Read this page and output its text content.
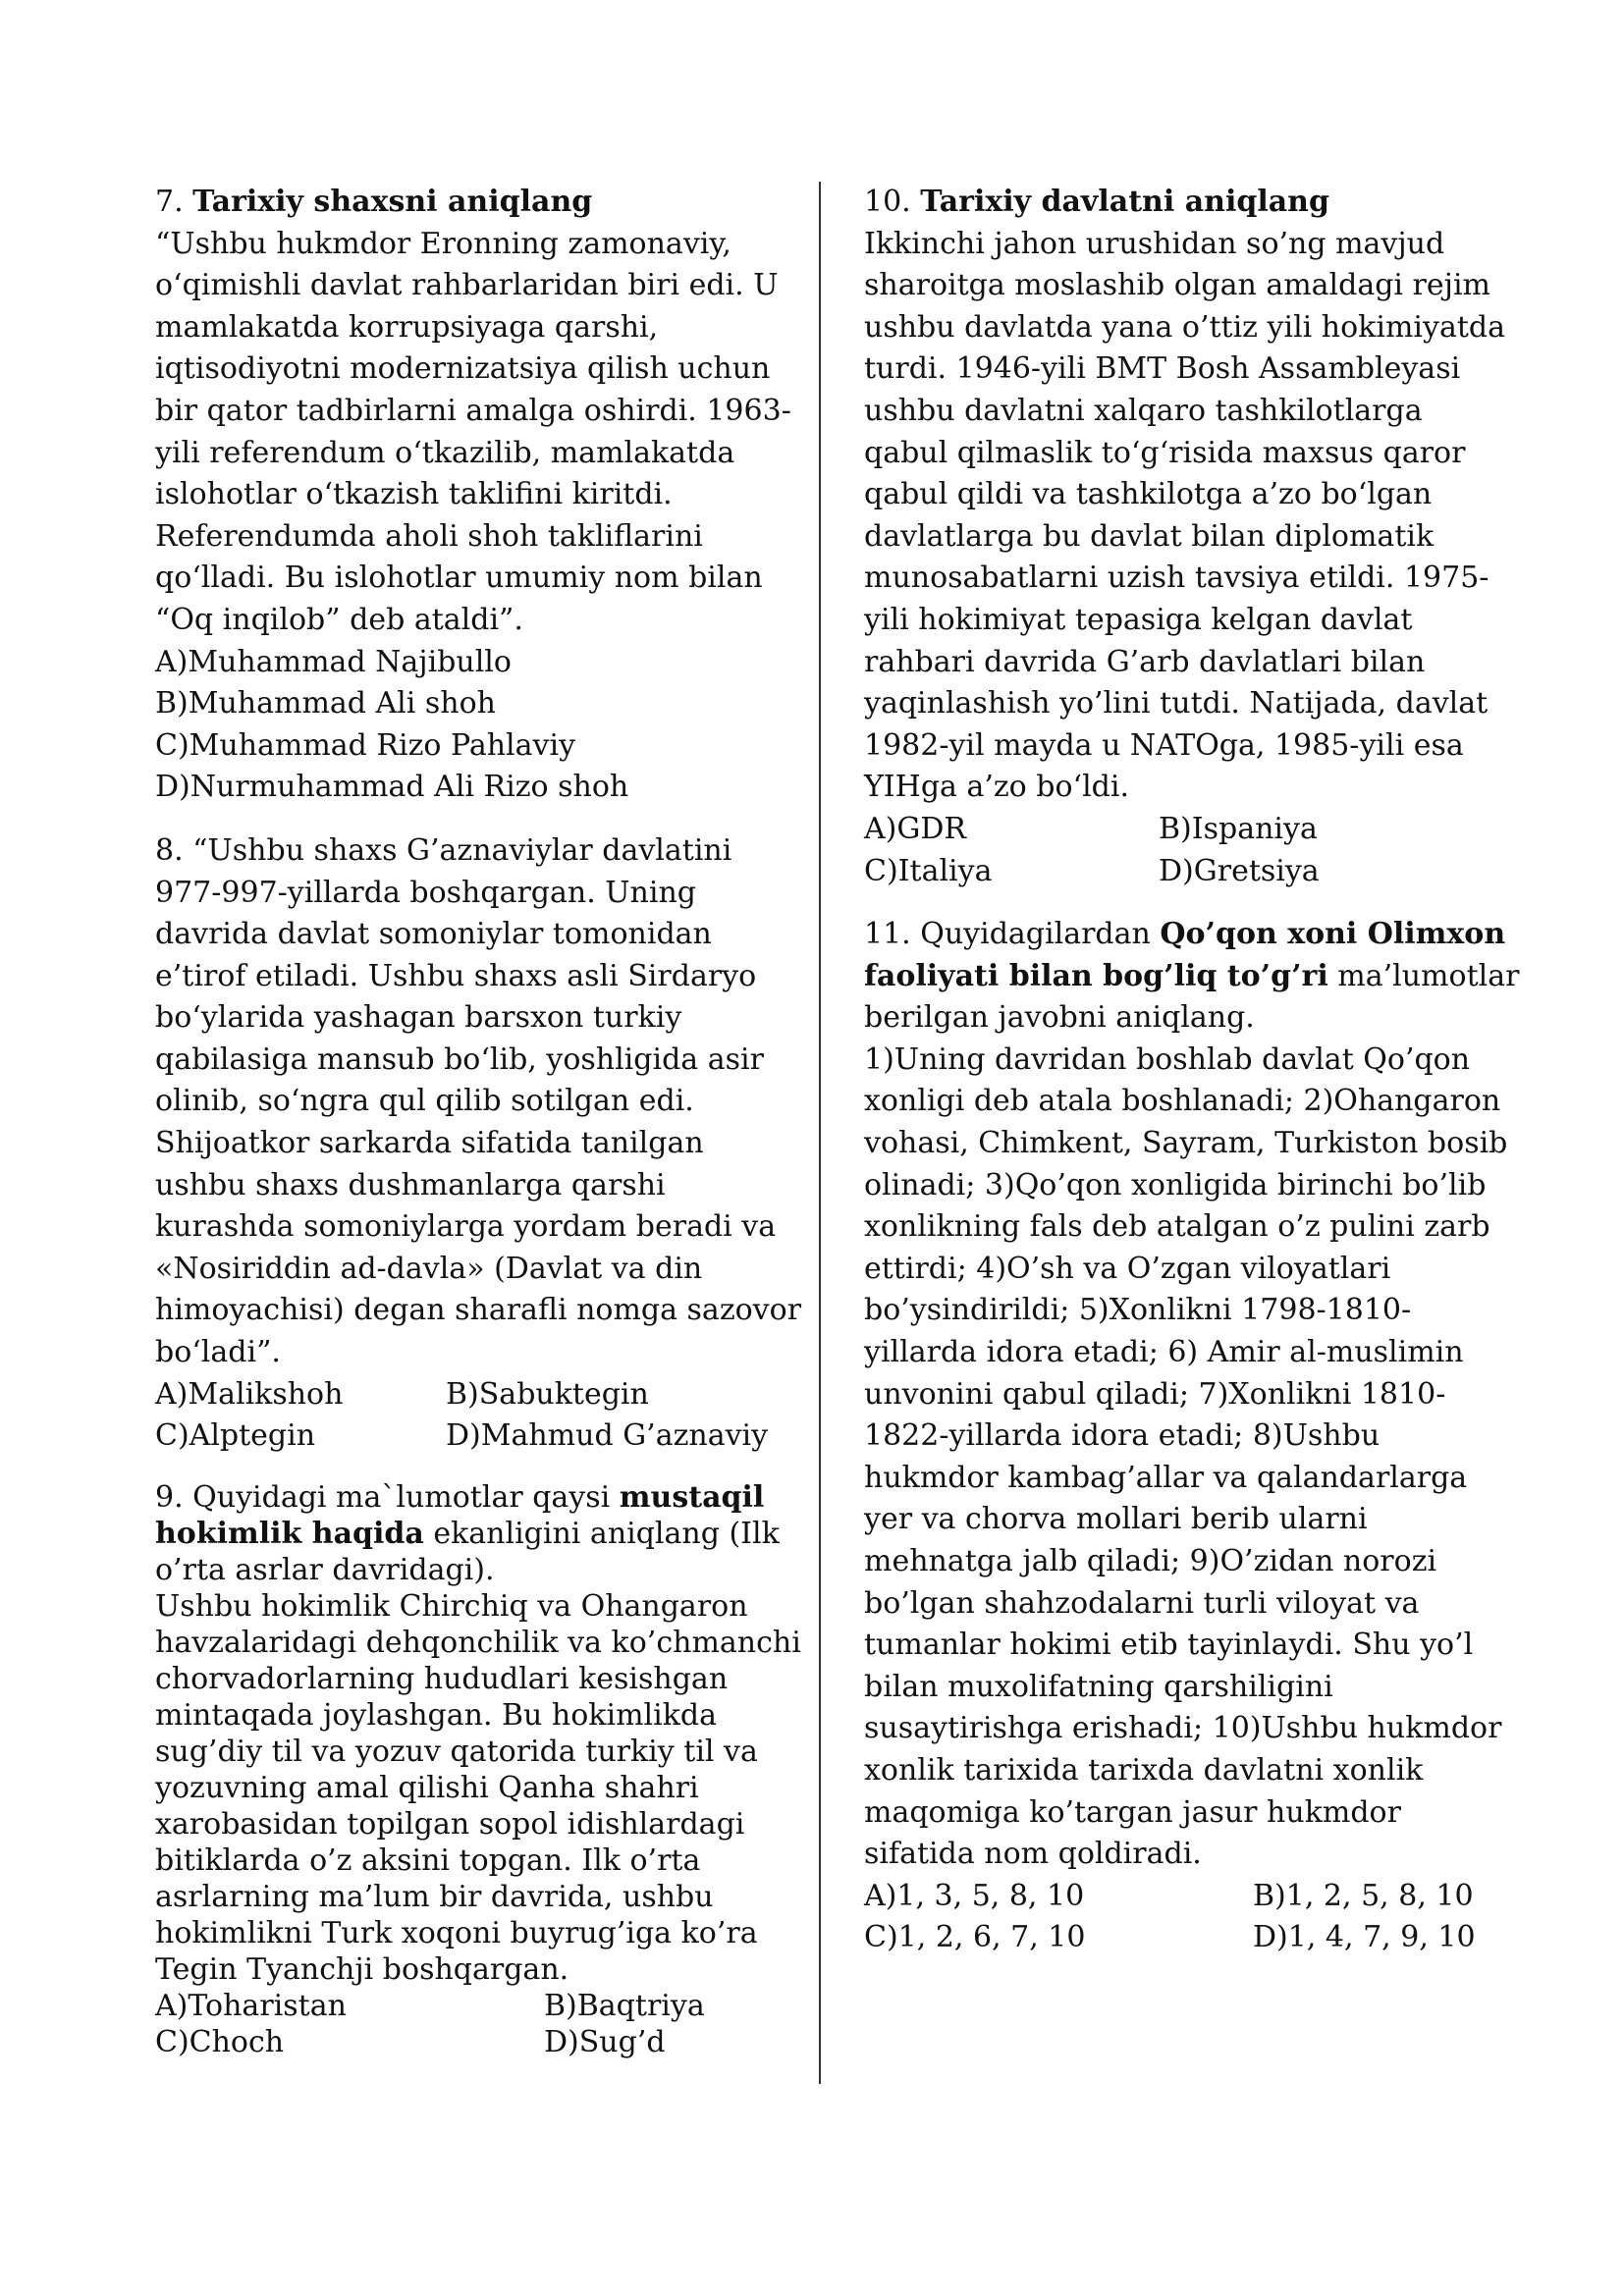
7. Tarixiy shaxsni aniqlang
“Ushbu hukmdor Eronning zamonaviy,
o‘qimishli davlat rahbarlaridan biri edi. U
mamlakatda korrupsiyaga qarshi,
iqtisodiyotni modernizatsiya qilish uchun
bir qator tadbirlarni amalga oshirdi. 1963-
yili referendum o‘tkazilib, mamlakatda
islohotlar o‘tkazish taklifini kiritdi.
Referendumda aholi shoh takliflarini
qo‘lladi. Bu islohotlar umumiy nom bilan
“Oq inqilob” deb ataldi”.
A)Muhammad Najibullo
B)Muhammad Ali shoh
C)Muhammad Rizo Pahlaviy
D)Nurmuhammad Ali Rizo shoh
8. “Ushbu shaxs G’aznaviylar davlatini
977-997-yillarda boshqargan. Uning
davrida davlat somoniylar tomonidan
e’tirof etiladi. Ushbu shaxs asli Sirdaryo
bo‘ylarida yashagan barsxon turkiy
qabilasiga mansub bo‘lib, yoshligida asir
olinib, so‘ngra qul qilib sotilgan edi.
Shijoatkor sarkarda sifatida tanilgan
ushbu shaxs dushmanlarga qarshi
kurashda somoniylarga yordam beradi va
«Nosiriddin ad-davla» (Davlat va din
himoyachisi) degan sharafli nomga sazovor
bo‘ladi”.
A)Malikshoh	B)Sabuktegin
C)Alptegin	D)Mahmud G’aznaviy
9. Quyidagi ma`lumotlar qaysi mustaqil
hokimlik haqida ekanligini aniqlang (Ilk
o’rta asrlar davridagi).
Ushbu hokimlik Chirchiq va Ohangaron
havzalaridagi dehqonchilik va ko’chmanchi
chorvadorlarning hududlari kesishgan
mintaqada joylashgan. Bu hokimlikda
sug’diy til va yozuv qatorida turkiy til va
yozuvning amal qilishi Qanha shahri
xarobasidan topilgan sopol idishlardagi
bitiklarda o’z aksini topgan. Ilk o’rta
asrlarning ma’lum bir davrida, ushbu
hokimlikni Turk xoqoni buyrug’iga ko’ra
Tegin Tyanchji boshqargan.
A)Toharistan	B)Baqtriya
C)Choch	D)Sug’d
10. Tarixiy davlatni aniqlang
Ikkinchi jahon urushidan so’ng mavjud
sharoitga moslashib olgan amaldagi rejim
ushbu davlatda yana o’ttiz yili hokimiyatda
turdi. 1946-yili BMT Bosh Assambleyasi
ushbu davlatni xalqaro tashkilotlarga
qabul qilmaslik to‘g‘risida maxsus qaror
qabul qildi va tashkilotga a’zo bo‘lgan
davlatlarga bu davlat bilan diplomatik
munosabatlarni uzish tavsiya etildi. 1975-
yili hokimiyat tepasiga kelgan davlat
rahbari davrida G’arb davlatlari bilan
yaqinlashish yo’lini tutdi. Natijada, davlat
1982-yil mayda u NATOga, 1985-yili esa
YIHga a’zo bo‘ldi.
A)GDR	B)Ispaniya
C)Italiya	D)Gretsiya
11. Quyidagilardan Qo’qon xoni Olimxon
faoliyati bilan bog’liq to’g’ri ma’lumotlar
berilgan javobni aniqlang.
1)Uning davridan boshlab davlat Qo’qon
xonligi deb atala boshlanadi; 2)Ohangaron
vohasi, Chimkent, Sayram, Turkiston bosib
olinadi; 3)Qo’qon xonligida birinchi bo’lib
xonlikning fals deb atalgan o’z pulini zarb
ettirdi; 4)O’sh va O’zgan viloyatlari
bo’ysindirildi; 5)Xonlikni 1798-1810-
yillarda idora etadi; 6) Amir al-muslimin
unvonini qabul qiladi; 7)Xonlikni 1810-
1822-yillarda idora etadi; 8)Ushbu
hukmdor kambag’allar va qalandarlarga
yer va chorva mollari berib ularni
mehnatga jalb qiladi; 9)O’zidan norozi
bo’lgan shahzodalarni turli viloyat va
tumanlar hokimi etib tayinlaydi. Shu yo’l
bilan muxolifatning qarshiligini
susaytirishga erishadi; 10)Ushbu hukmdor
xonlik tarixida tarixda davlatni xonlik
maqomiga ko’targan jasur hukmdor
sifatida nom qoldiradi.
A)1, 3, 5, 8, 10	B)1, 2, 5, 8, 10
C)1, 2, 6, 7, 10	D)1, 4, 7, 9, 10
